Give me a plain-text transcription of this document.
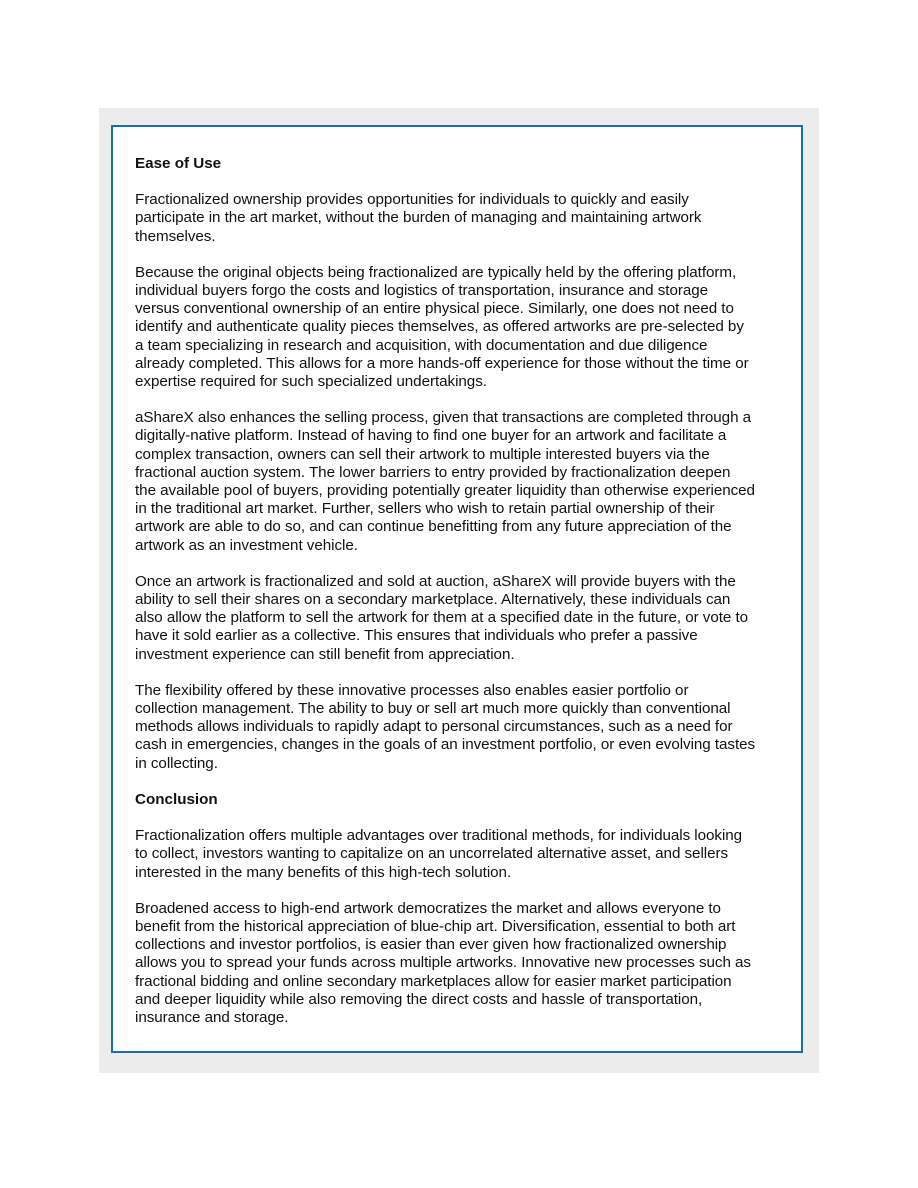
Ease of Use
Fractionalized ownership provides opportunities for individuals to quickly and easily
participate in the art market, without the burden of managing and maintaining artwork
themselves.
Because the original objects being fractionalized are typically held by the offering platform,
individual buyers forgo the costs and logistics of transportation, insurance and storage
versus conventional ownership of an entire physical piece. Similarly, one does not need to
identify and authenticate quality pieces themselves, as offered artworks are pre-selected by
a team specializing in research and acquisition, with documentation and due diligence
already completed. This allows for a more hands-off experience for those without the time or
expertise required for such specialized undertakings.
aShareX also enhances the selling process, given that transactions are completed through a
digitally-native platform. Instead of having to find one buyer for an artwork and facilitate a
complex transaction, owners can sell their artwork to multiple interested buyers via the
fractional auction system. The lower barriers to entry provided by fractionalization deepen
the available pool of buyers, providing potentially greater liquidity than otherwise experienced
in the traditional art market. Further, sellers who wish to retain partial ownership of their
artwork are able to do so, and can continue benefitting from any future appreciation of the
artwork as an investment vehicle.
Once an artwork is fractionalized and sold at auction, aShareX will provide buyers with the
ability to sell their shares on a secondary marketplace. Alternatively, these individuals can
also allow the platform to sell the artwork for them at a specified date in the future, or vote to
have it sold earlier as a collective. This ensures that individuals who prefer a passive
investment experience can still benefit from appreciation.
The flexibility offered by these innovative processes also enables easier portfolio or
collection management. The ability to buy or sell art much more quickly than conventional
methods allows individuals to rapidly adapt to personal circumstances, such as a need for
cash in emergencies, changes in the goals of an investment portfolio, or even evolving tastes
in collecting.
Conclusion
Fractionalization offers multiple advantages over traditional methods, for individuals looking
to collect, investors wanting to capitalize on an uncorrelated alternative asset, and sellers
interested in the many benefits of this high-tech solution.
Broadened access to high-end artwork democratizes the market and allows everyone to
benefit from the historical appreciation of blue-chip art. Diversification, essential to both art
collections and investor portfolios, is easier than ever given how fractionalized ownership
allows you to spread your funds across multiple artworks. Innovative new processes such as
fractional bidding and online secondary marketplaces allow for easier market participation
and deeper liquidity while also removing the direct costs and hassle of transportation,
insurance and storage.
